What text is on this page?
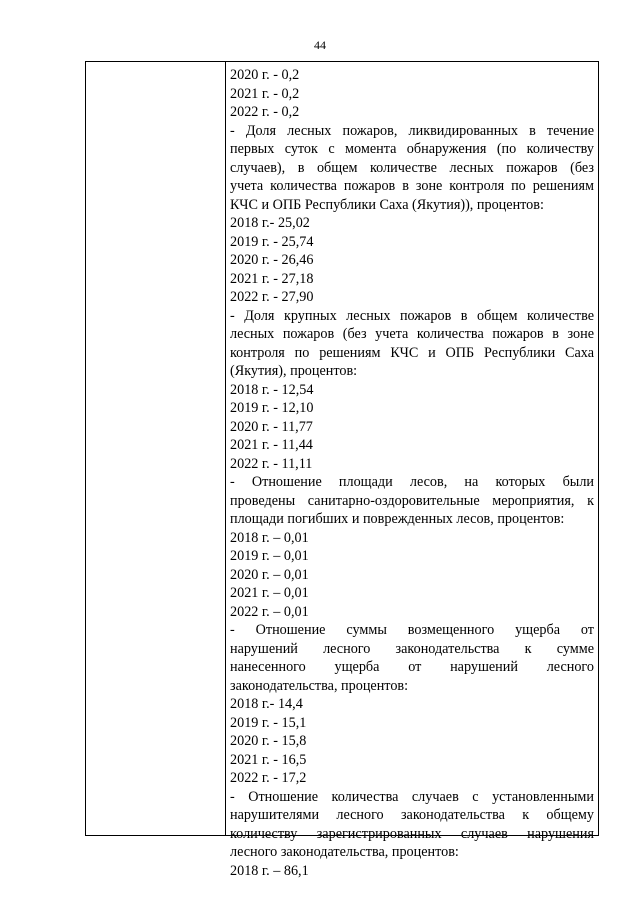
44
2020 г. - 0,2
2021 г. - 0,2
2022 г. - 0,2
- Доля лесных пожаров, ликвидированных в течение
первых суток с момента обнаружения (по количеству
случаев), в общем количестве лесных пожаров (без
учета количества пожаров в зоне контроля по решениям
КЧС и ОПБ Республики Саха (Якутия)), процентов:
2018 г.- 25,02
2019 г. - 25,74
2020 г. - 26,46
2021 г. - 27,18
2022 г. - 27,90
- Доля крупных лесных пожаров в общем количестве
лесных пожаров (без учета количества пожаров в зоне
контроля по решениям КЧС и ОПБ Республики Саха
(Якутия), процентов:
2018 г. - 12,54
2019 г. - 12,10
2020 г. - 11,77
2021 г. - 11,44
2022 г. - 11,11
- Отношение площади лесов, на которых были
проведены санитарно-оздоровительные мероприятия, к
площади погибших и поврежденных лесов, процентов:
2018 г. – 0,01
2019 г. – 0,01
2020 г. – 0,01
2021 г. – 0,01
2022 г. – 0,01
- Отношение суммы возмещенного ущерба от
нарушений лесного законодательства к сумме
нанесенного ущерба от нарушений лесного
законодательства, процентов:
2018 г.- 14,4
2019 г. - 15,1
2020 г. - 15,8
2021 г. - 16,5
2022 г. - 17,2
- Отношение количества случаев с установленными
нарушителями лесного законодательства к общему
количеству зарегистрированных случаев нарушения
лесного законодательства, процентов:
2018 г. – 86,1
